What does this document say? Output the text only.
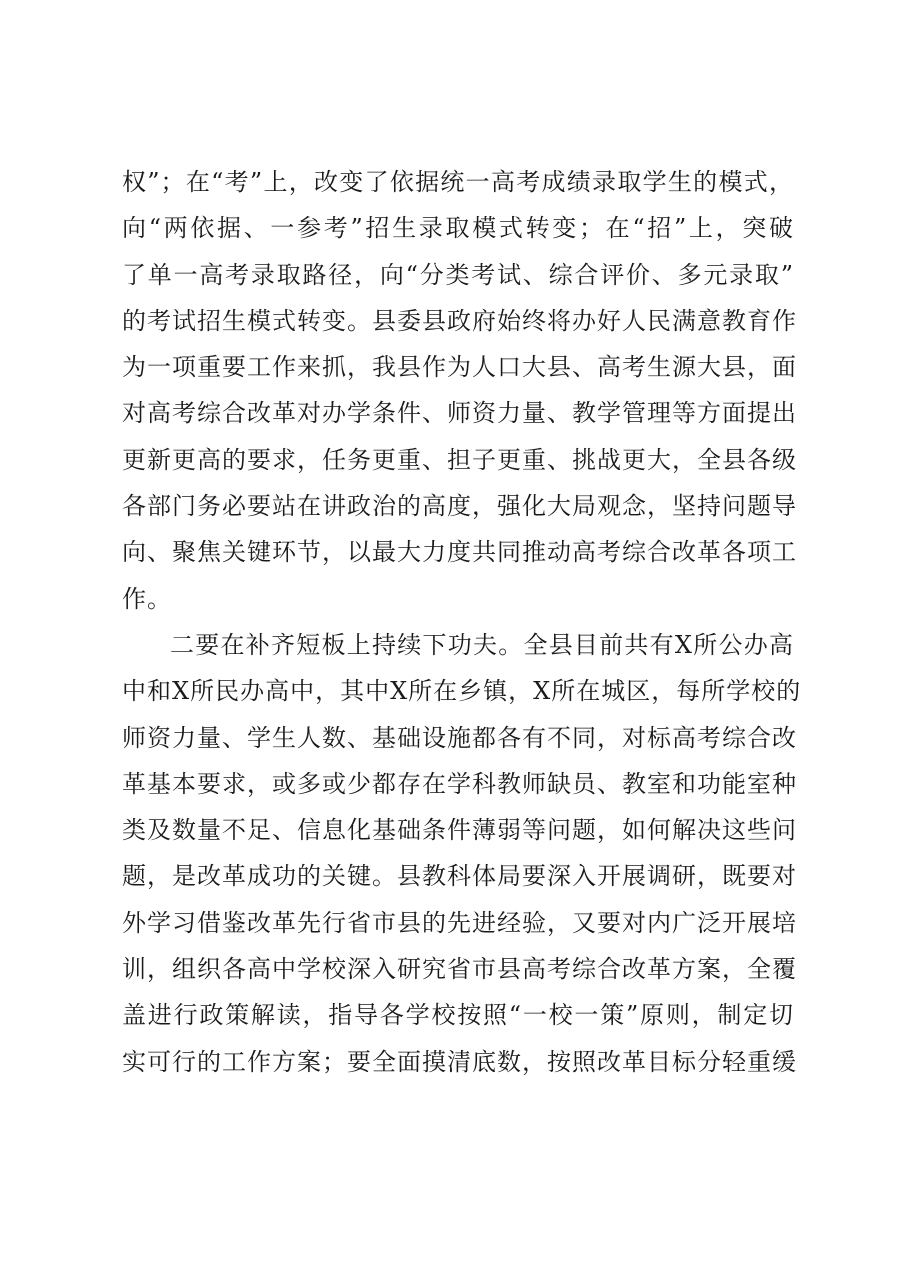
权”；在“考”上，改变了依据统一高考成绩录取学生的模式，
向“两依据、一参考”招生录取模式转变；在“招”上，突破
了单一高考录取路径，向“分类考试、综合评价、多元录取”
的考试招生模式转变。县委县政府始终将办好人民满意教育作
为一项重要工作来抓，我县作为人口大县、高考生源大县，面
对高考综合改革对办学条件、师资力量、教学管理等方面提出
更新更高的要求，任务更重、担子更重、挑战更大，全县各级
各部门务必要站在讲政治的高度，强化大局观念，坚持问题导
向、聚焦关键环节，以最大力度共同推动高考综合改革各项工
作。
二要在补齐短板上持续下功夫。全县目前共有X所公办高
中和X所民办高中，其中X所在乡镇，X所在城区，每所学校的
师资力量、学生人数、基础设施都各有不同，对标高考综合改
革基本要求，或多或少都存在学科教师缺员、教室和功能室种
类及数量不足、信息化基础条件薄弱等问题，如何解决这些问
题，是改革成功的关键。县教科体局要深入开展调研，既要对
外学习借鉴改革先行省市县的先进经验，又要对内广泛开展培
训，组织各高中学校深入研究省市县高考综合改革方案，全覆
盖进行政策解读，指导各学校按照“一校一策”原则，制定切
实可行的工作方案；要全面摸清底数，按照改革目标分轻重缓
